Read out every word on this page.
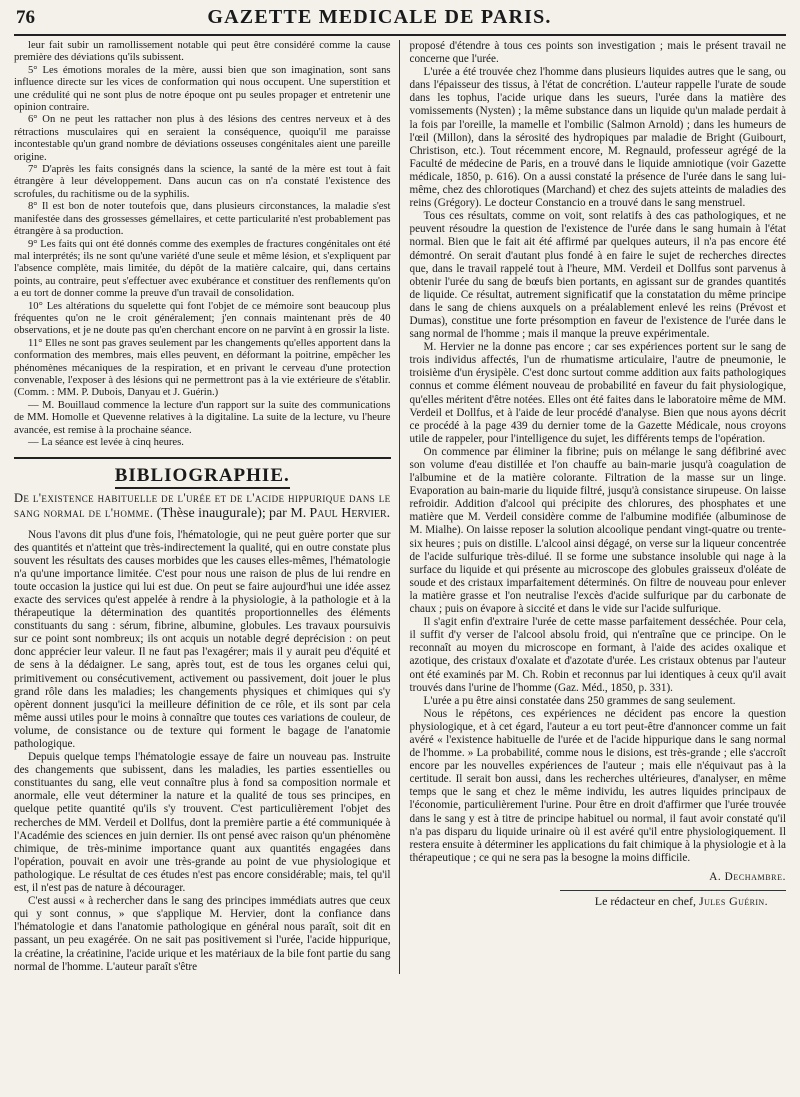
76	GAZETTE MEDICALE DE PARIS.

leur fait subir un ramollissement notable qui peut être considéré comme la cause première des déviations qu'ils subissent.

5° Les émotions morales de la mère, aussi bien que son imagination, sont sans influence directe sur les vices de conformation qui nous occupent. Une superstition et une crédulité qui ne sont plus de notre époque ont pu seules propager et entretenir une opinion contraire.

6° On ne peut les rattacher non plus à des lésions des centres nerveux et à des rétractions musculaires qui en seraient la conséquence, quoiqu'il me paraisse incontestable qu'un grand nombre de déviations osseuses congénitales aient une pareille origine.

7° D'après les faits consignés dans la science, la santé de la mère est tout à fait étrangère à leur développement. Dans aucun cas on n'a constaté l'existence des scrofules, du rachitisme ou de la syphilis.

8° Il est bon de noter toutefois que, dans plusieurs circonstances, la maladie s'est manifestée dans des grossesses gémellaires, et cette particularité n'est probablement pas étrangère à sa production.

9° Les faits qui ont été donnés comme des exemples de fractures congénitales ont été mal interprétés; ils ne sont qu'une variété d'une seule et même lésion, et s'expliquent par l'absence complète, mais limitée, du dépôt de la matière calcaire, qui, dans certains points, au contraire, peut s'effectuer avec exubérance et constituer des renflements qu'on a eu tort de donner comme la preuve d'un travail de consolidation.

10° Les altérations du squelette qui font l'objet de ce mémoire sont beaucoup plus fréquentes qu'on ne le croit généralement; j'en connais maintenant près de 40 observations, et je ne doute pas qu'en cherchant encore on ne parvînt à en grossir la liste.

11° Elles ne sont pas graves seulement par les changements qu'elles apportent dans la conformation des membres, mais elles peuvent, en déformant la poitrine, empêcher les phénomènes mécaniques de la respiration, et en privant le cerveau d'une protection convenable, l'exposer à des lésions qui ne permettront pas à la vie extérieure de s'établir. (Comm. : MM. P. Dubois, Danyau et J. Guérin.)

— M. Bouillaud commence la lecture d'un rapport sur la suite des communications de MM. Homolle et Quevenne relatives à la digitaline. La suite de la lecture, vu l'heure avancée, est remise à la prochaine séance.

— La séance est levée à cinq heures.

BIBLIOGRAPHIE.
De l'existence habituelle de l'urée et de l'acide hippurique dans le sang normal de l'homme. (Thèse inaugurale); par M. Paul Hervier.

Nous l'avons dit plus d'une fois, l'hématologie, qui ne peut guère porter que sur des quantités et n'atteint que très-indirectement la qualité, qui en outre constate plus souvent les résultats des causes morbides que les causes elles-mêmes, l'hématologie n'a qu'une importance limitée. C'est pour nous une raison de plus de lui rendre en toute occasion la justice qui lui est due. On peut se faire aujourd'hui une idée assez exacte des services qu'est appelée à rendre à la physiologie, à la pathologie et à la thérapeutique la détermination des quantités proportionnelles des éléments constituants du sang : sérum, fibrine, albumine, globules. Les travaux poursuivis sur ce point sont nombreux; ils ont acquis un notable degré deprécision : on peut donc apprécier leur valeur. Il ne faut pas l'exagérer; mais il y aurait peu d'équité et de sens à la dédaigner. Le sang, après tout, est de tous les organes celui qui, primitivement ou consécutivement, activement ou passivement, doit jouer le plus grand rôle dans les maladies; les changements physiques et chimiques qui s'y opèrent donnent jusqu'ici la meilleure définition de ce rôle, et ils sont par cela même aussi utiles pour le moins à connaître que toutes ces variations de couleur, de volume, de consistance ou de texture qui forment le bagage de l'anatomie pathologique.

Depuis quelque temps l'hématologie essaye de faire un nouveau pas. Instruite des changements que subissent, dans les maladies, les parties essentielles ou constituantes du sang, elle veut connaître plus à fond sa composition normale et anormale, elle veut déterminer la nature et la qualité de tous ses principes, en quelque petite quantité qu'ils s'y trouvent. C'est particulièrement l'objet des recherches de MM. Verdeil et Dollfus, dont la première partie a été communiquée à l'Académie des sciences en juin dernier. Ils ont pensé avec raison qu'un phénomène chimique, de très-minime importance quant aux quantités engagées dans l'opération, pouvait en avoir une très-grande au point de vue physiologique et pathologique. Le résultat de ces études n'est pas encore considérable; mais, tel qu'il est, il n'est pas de nature à décourager.

C'est aussi « à rechercher dans le sang des principes immédiats autres que ceux qui y sont connus, » que s'applique M. Hervier, dont la confiance dans l'hématologie et dans l'anatomie pathologique en général nous paraît, soit dit en passant, un peu exagérée. On ne sait pas positivement si l'urée, l'acide hippurique, la créatine, la créatinine, l'acide urique et les matériaux de la bile font partie du sang normal de l'homme. L'auteur paraît s'être

proposé d'étendre à tous ces points son investigation ; mais le présent travail ne concerne que l'urée.

L'urée a été trouvée chez l'homme dans plusieurs liquides autres que le sang, ou dans l'épaisseur des tissus, à l'état de concrétion. L'auteur rappelle l'urate de soude dans les tophus, l'acide urique dans les sueurs, l'urée dans la matière des vomissements (Nysten) ; la même substance dans un liquide qu'un malade perdait à la fois par l'oreille, la mamelle et l'ombilic (Salmon Arnold) ; dans les humeurs de l'œil (Millon), dans la sérosité des hydropiques par maladie de Bright (Guibourt, Christison, etc.). Tout récemment encore, M. Regnauld, professeur agrégé de la Faculté de médecine de Paris, en a trouvé dans le liquide amniotique (voir Gazette médicale, 1850, p. 616). On a aussi constaté la présence de l'urée dans le sang lui-même, chez des chlorotiques (Marchand) et chez des sujets atteints de maladies des reins (Grégory). Le docteur Constancio en a trouvé dans le sang menstruel.

Tous ces résultats, comme on voit, sont relatifs à des cas pathologiques, et ne peuvent résoudre la question de l'existence de l'urée dans le sang humain à l'état normal. Bien que le fait ait été affirmé par quelques auteurs, il n'a pas encore été démontré. On serait d'autant plus fondé à en faire le sujet de recherches directes que, dans le travail rappelé tout à l'heure, MM. Verdeil et Dollfus sont parvenus à obtenir l'urée du sang de bœufs bien portants, en agissant sur de grandes quantités de liquide. Ce résultat, autrement significatif que la constatation du même principe dans le sang de chiens auxquels on a préalablement enlevé les reins (Prévost et Dumas), constitue une forte présomption en faveur de l'existence de l'urée dans le sang normal de l'homme ; mais il manque la preuve expérimentale.

M. Hervier ne la donne pas encore ; car ses expériences portent sur le sang de trois individus affectés, l'un de rhumatisme articulaire, l'autre de pneumonie, le troisième d'un érysipèle. C'est donc surtout comme addition aux faits pathologiques connus et comme élément nouveau de probabilité en faveur du fait physiologique, qu'elles méritent d'être notées. Elles ont été faites dans le laboratoire même de MM. Verdeil et Dollfus, et à l'aide de leur procédé d'analyse. Bien que nous ayons décrit ce procédé à la page 439 du dernier tome de la Gazette Médicale, nous croyons utile de rappeler, pour l'intelligence du sujet, les différents temps de l'opération.

On commence par éliminer la fibrine; puis on mélange le sang défibriné avec son volume d'eau distillée et l'on chauffe au bain-marie jusqu'à coagulation de l'albumine et de la matière colorante. Filtration de la masse sur un linge. Evaporation au bain-marie du liquide filtré, jusqu'à consistance sirupeuse. On laisse refroidir. Addition d'alcool qui précipite des chlorures, des phosphates et une matière que M. Verdeil considère comme de l'albumine modifiée (albuminose de M. Mialhe). On laisse reposer la solution alcoolique pendant vingt-quatre ou trente-six heures ; puis on distille. L'alcool ainsi dégagé, on verse sur la liqueur concentrée de l'acide sulfurique très-dilué. Il se forme une substance insoluble qui nage à la surface du liquide et qui présente au microscope des globules graisseux d'oléate de soude et des cristaux imparfaitement déterminés. On filtre de nouveau pour enlever la matière grasse et l'on neutralise l'excès d'acide sulfurique par du carbonate de chaux ; puis on évapore à siccité et dans le vide sur l'acide sulfurique.

Il s'agit enfin d'extraire l'urée de cette masse parfaitement desséchée. Pour cela, il suffit d'y verser de l'alcool absolu froid, qui n'entraîne que ce principe. On le reconnaît au moyen du microscope en formant, à l'aide des acides oxalique et azotique, des cristaux d'oxalate et d'azotate d'urée. Les cristaux obtenus par l'auteur ont été examinés par M. Ch. Robin et reconnus par lui identiques à ceux qu'il avait trouvés dans l'urine de l'homme (Gaz. Méd., 1850, p. 331).

L'urée a pu être ainsi constatée dans 250 grammes de sang seulement.

Nous le répétons, ces expériences ne décident pas encore la question physiologique, et à cet égard, l'auteur a eu tort peut-être d'annoncer comme un fait avéré « l'existence habituelle de l'urée et de l'acide hippurique dans le sang normal de l'homme. » La probabilité, comme nous le disions, est très-grande ; elle s'accroît encore par les nouvelles expériences de l'auteur ; mais elle n'équivaut pas à la certitude. Il serait bon aussi, dans les recherches ultérieures, d'analyser, en même temps que le sang et chez le même individu, les autres liquides principaux de l'économie, particulièrement l'urine. Pour être en droit d'affirmer que l'urée trouvée dans le sang y est à titre de principe habituel ou normal, il faut avoir constaté qu'il n'a pas disparu du liquide urinaire où il est avéré qu'il entre physiologiquement. Il restera ensuite à déterminer les applications du fait chimique à la physiologie et à la thérapeutique ; ce qui ne sera pas la besogne la moins difficile.

A. Dechambre.
Le rédacteur en chef, Jules Guérin.
